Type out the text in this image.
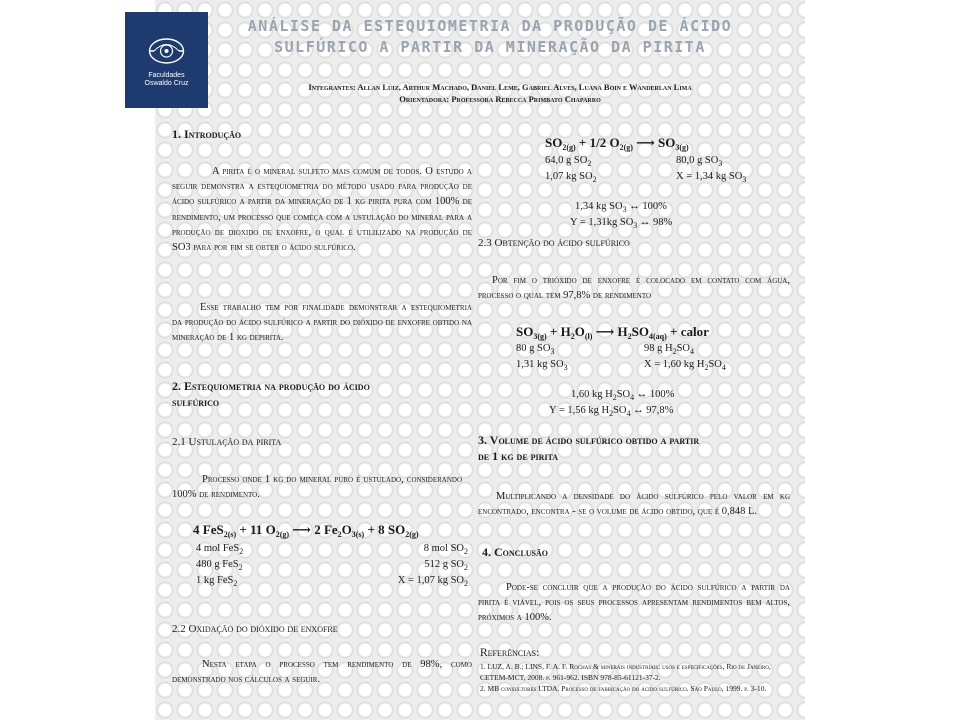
Faculdades
Oswaldo Cruz
ANÁLISE DA ESTEQUIOMETRIA DA PRODUÇÃO DE ÁCIDO
SULFÚRICO A PARTIR DA MINERAÇÃO DA PIRITA
Integrantes: Allan Luiz, Arthur Machado, Daniel Leme, Gabriel Alves, Luana Boin e Wanderlan Lima
Orientadora: Professora Rebecca Primbato Chaparro
1. Introdução
A pirita é o mineral sulfeto mais comum de todos. O estudo a seguir demonstra a estequiometria do método usado para produção de ácido sulfúrico a partir da mineração de 1 kg pirita pura com 100% de rendimento, um processo que começa com a ustulação do mineral para a produção de dioxido de enxofre, o qual é utililizado na produção de SO3 para por fim se obter o ácido sulfúrico.
Esse trabalho tem por finalidade demonstrar a estequiometria da produção do ácido sulfúrico a partir do dióxido de enxofre obtido na mineração de 1 kg depirita.
2. Estequiometria na produção do ácido
sulfúrico
2.1 Ustulação da pirita
Processo onde 1 kg do mineral puro é ustulado, considerando 100% de rendimento.
4 FeS$_{2(s)}$ + 11 $O_{2(g)}$ ⟶ 2 $Fe_2O_{3(s)} + 8$ $SO_{2(g)}$
4 mol FeS$_2$
480 g FeS$_2$
1 kg FeS$_2$
8 mol $SO_2$
512 g $SO_2$
X = 1,07 kg $SO_2$
2.2 Oxidação do dióxido de enxofre
Nesta etapa o processo tem rendimento de 98%, como demonstrado nos cálculos a seguir.
$SO_{2(g)} + 1/2$ $O_{2(g)}$ ⟶ $SO_{3(g)}$
64,0 g $SO_2$
1,07 kg $SO_2$
80,0 g $SO_3$
X = 1,34 kg $SO_3$
1,34 kg $SO_3$ ↔ 100%
Y = 1,31kg $SO_3$ ↔ 98%
2.3 Obtenção do ácido sulfúrico
Por fim o trióxido de enxofre é colocado em contato com água, processo o qual tem 97,8% de rendimento
$SO_{3(g)} + H_2O_{(l)}$ ⟶ $H_2SO_{4(aq)}$ + calor
80 g $SO_3$
1,31 kg $SO_3$
98 g $H_2SO_4$
X = 1,60 kg $H_2SO_4$
1,60 kg $H_2SO_4$ ↔ 100%
Y = 1,56 kg $H_2SO_4$ ↔ 97,8%
3. Volume de ácido sulfúrico obtido a partir
de 1 kg de pirita
Multiplicando a densidade do ácido sulfúrico pelo valor em kg encontrado, encontra - se o volume de ácido obtido, que é 0,848 L.
4. Conclusão
Pode-se concluir que a produção do ácido sulfúrico a partir da pirita é viável, pois os seus processos apresentam rendimentos bem altos, próximos a 100%.
Referências:
1. LUZ, A. B.; LINS, F. A. F. Rochas & minerais industriais: usos e especificações, Rio de Janeiro, CETEM-MCT, 2008. p. 961-962. ISBN 978-85-61121-37-2.
2. MB consultores LTDA. Processo de fabricação do ácido sulfúrico. São Paulo, 1999. p. 3-10.
